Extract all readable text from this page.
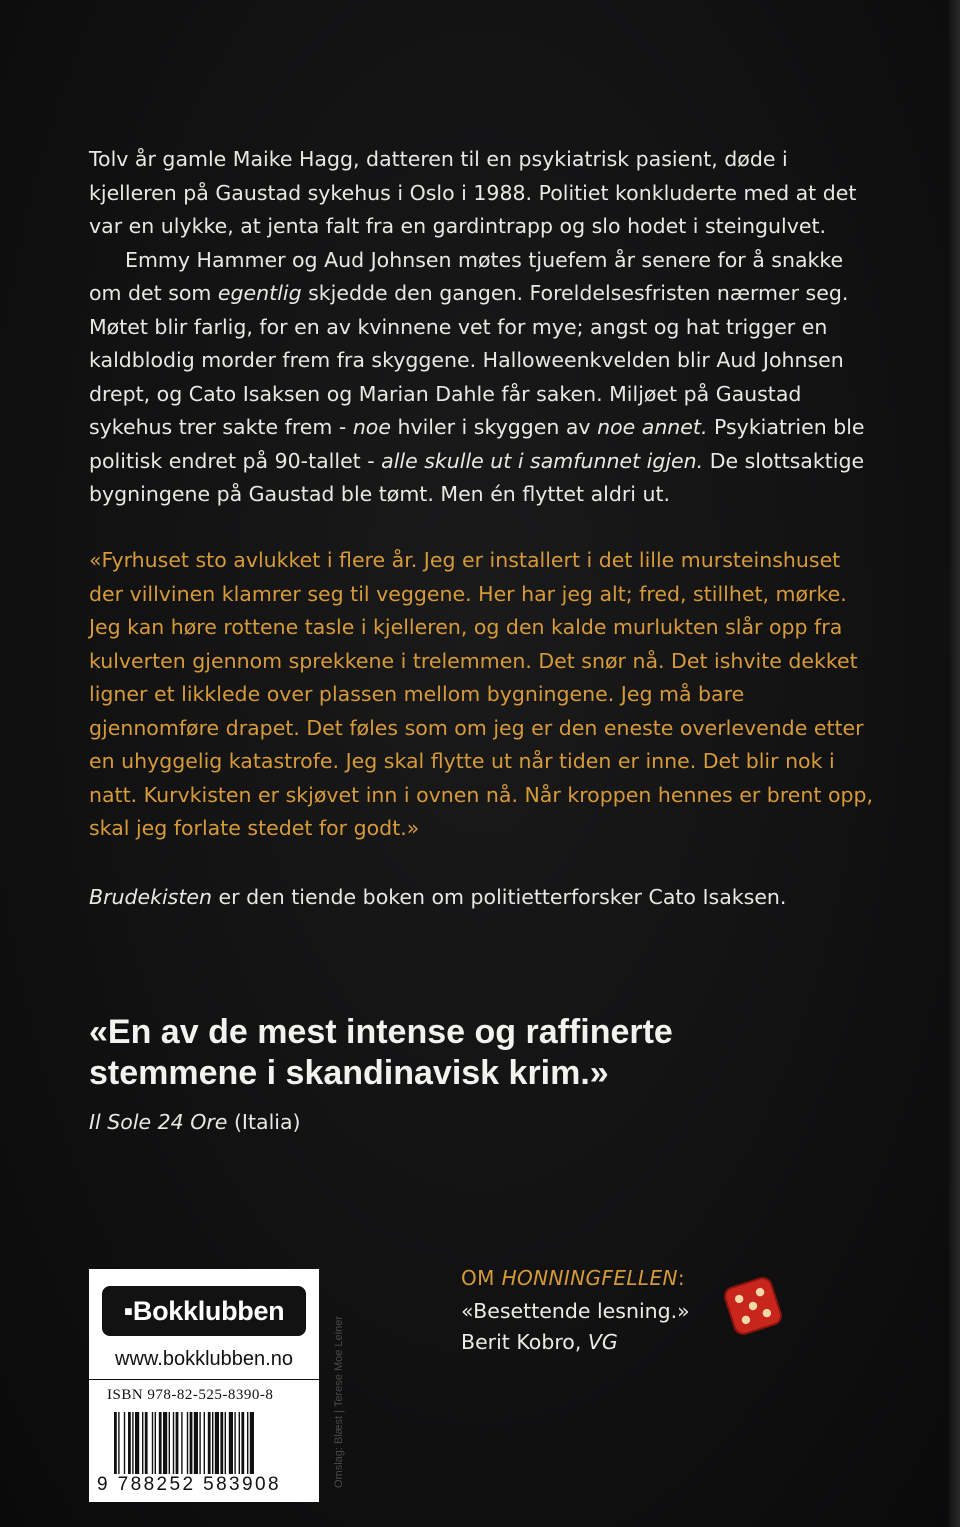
Tolv år gamle Maike Hagg, datteren til en psykiatrisk pasient, døde i kjelleren på Gaustad sykehus i Oslo i 1988. Politiet konkluderte med at det var en ulykke, at jenta falt fra en gardintrapp og slo hodet i steingulvet.

Emmy Hammer og Aud Johnsen møtes tjuefem år senere for å snakke om det som egentlig skjedde den gangen. Foreldelsesfristen nærmer seg. Møtet blir farlig, for en av kvinnene vet for mye; angst og hat trigger en kaldblodig morder frem fra skyggene. Halloweenkvelden blir Aud Johnsen drept, og Cato Isaksen og Marian Dahle får saken. Miljøet på Gaustad sykehus trer sakte frem - noe hviler i skyggen av noe annet. Psykiatrien ble politisk endret på 90-tallet - alle skulle ut i samfunnet igjen. De slottsaktige bygningene på Gaustad ble tømt. Men én flyttet aldri ut.

«Fyrhuset sto avlukket i flere år. Jeg er installert i det lille mursteinshuset der villvinen klamrer seg til veggene. Her har jeg alt; fred, stillhet, mørke. Jeg kan høre rottene tasle i kjelleren, og den kalde murlukten slår opp fra kulverten gjennom sprekkene i trelemmen. Det snør nå. Det ishvite dekket ligner et likklede over plassen mellom bygningene. Jeg må bare gjennomføre drapet. Det føles som om jeg er den eneste overlevende etter en uhyggelig katastrofe. Jeg skal flytte ut når tiden er inne. Det blir nok i natt. Kurvkisten er skjøvet inn i ovnen nå. Når kroppen hennes er brent opp, skal jeg forlate stedet for godt.»

Brudekisten er den tiende boken om politietterforsker Cato Isaksen.

«En av de mest intense og raffinerte
stemmene i skandinavisk krim.»
Il Sole 24 Ore (Italia)
▪Bokklubben
www.bokklubben.no
ISBN 978-82-525-8390-8
9 788252 583908	Omslag: Blæst | Terese Moe Leiner
OM HONNINGFELLEN:
«Besettende lesning.»
Berit Kobro, VG
